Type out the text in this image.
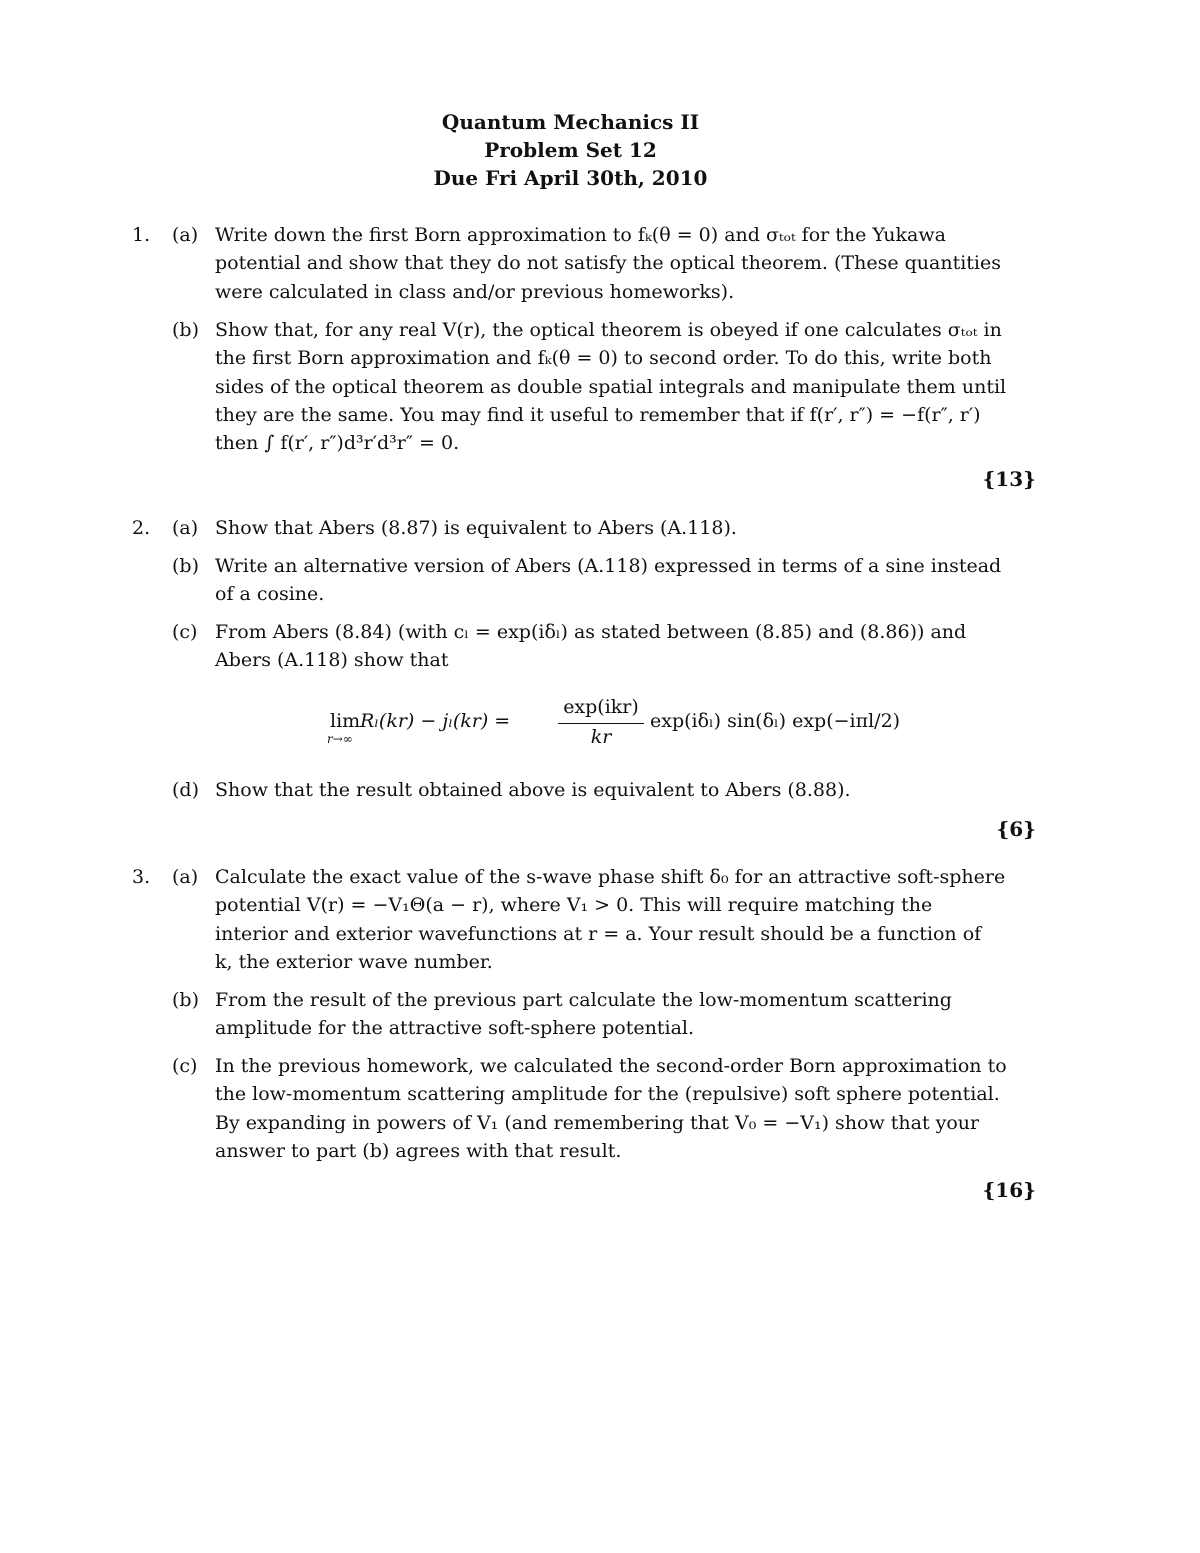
Quantum Mechanics II
Problem Set 12
Due Fri April 30th, 2010
1. (a) Write down the first Born approximation to fₖ(θ = 0) and σₜₒₜ for the Yukawa
potential and show that they do not satisfy the optical theorem. (These quantities
were calculated in class and/or previous homeworks).
(b) Show that, for any real V(r), the optical theorem is obeyed if one calculates σₜₒₜ in
the first Born approximation and fₖ(θ = 0) to second order. To do this, write both
sides of the optical theorem as double spatial integrals and manipulate them until
they are the same. You may find it useful to remember that if f(r′, r″) = −f(r″, r′)
then ∫ f(r′, r″)d³r′d³r″ = 0.
{13}
2. (a) Show that Abers (8.87) is equivalent to Abers (A.118).
(b) Write an alternative version of Abers (A.118) expressed in terms of a sine instead
of a cosine.
(c) From Abers (8.84) (with cₗ = exp(iδₗ) as stated between (8.85) and (8.86)) and
Abers (A.118) show that
(d) Show that the result obtained above is equivalent to Abers (8.88).
lim
r→∞
Rₗ(kr) − jₗ(kr) =
exp(ikr)
kr
exp(iδₗ) sin(δₗ) exp(−iπl/2)
{6}
3. (a) Calculate the exact value of the s-wave phase shift δ₀ for an attractive soft-sphere
potential V(r) = −V₁Θ(a − r), where V₁ > 0. This will require matching the
interior and exterior wavefunctions at r = a. Your result should be a function of
k, the exterior wave number.
(b) From the result of the previous part calculate the low-momentum scattering
amplitude for the attractive soft-sphere potential.
(c) In the previous homework, we calculated the second-order Born approximation to
the low-momentum scattering amplitude for the (repulsive) soft sphere potential.
By expanding in powers of V₁ (and remembering that V₀ = −V₁) show that your
answer to part (b) agrees with that result.
{16}
